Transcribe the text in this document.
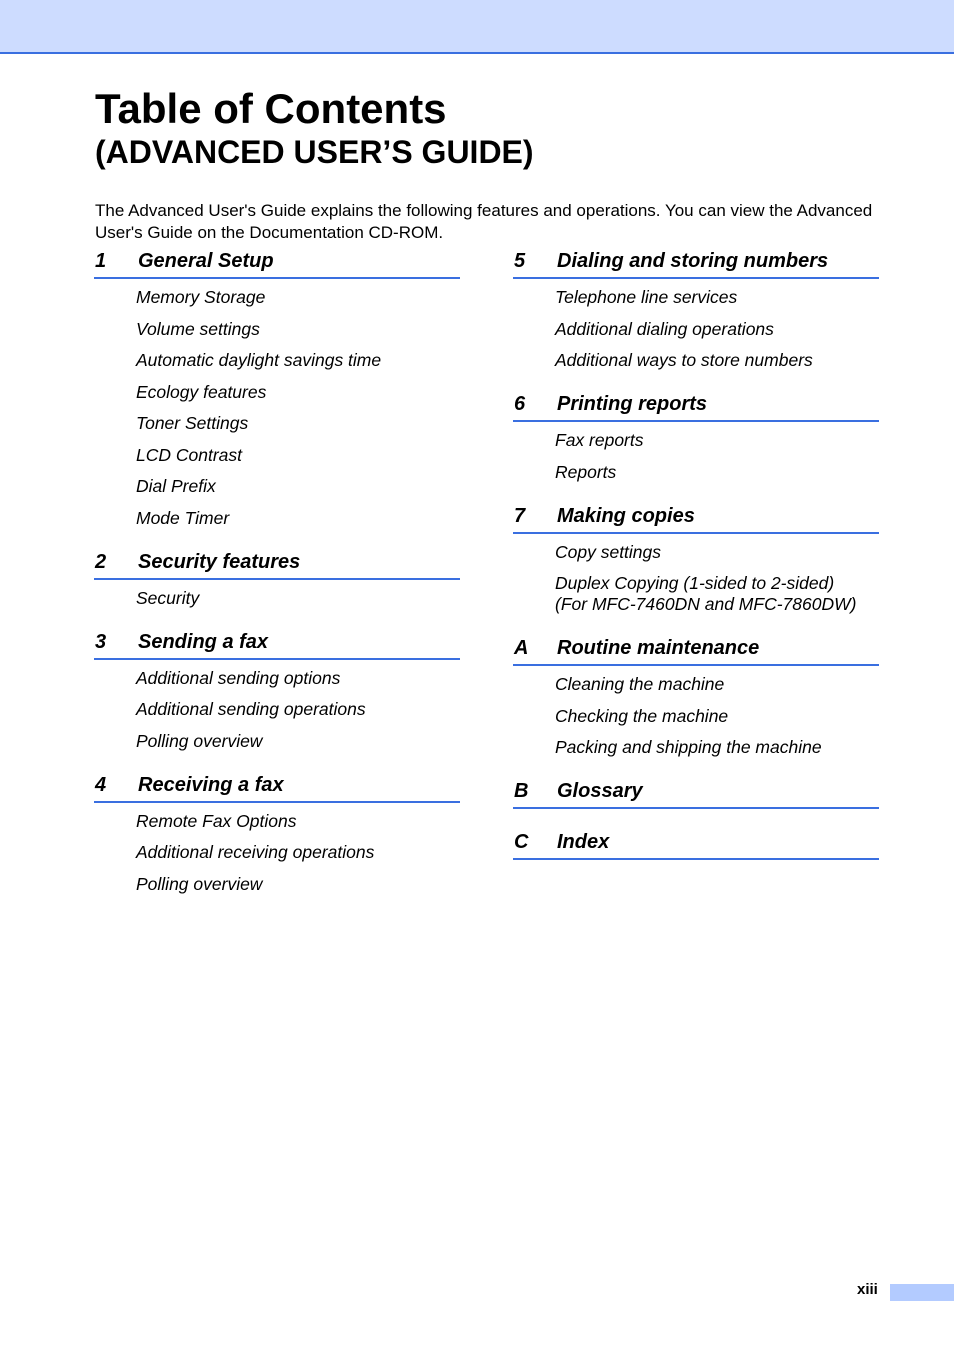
Table of Contents
(ADVANCED USER’S GUIDE)

The Advanced User's Guide explains the following features and operations. You can view the Advanced User's Guide on the Documentation CD-ROM.

1	General Setup
Memory Storage
Volume settings
Automatic daylight savings time
Ecology features
Toner Settings
LCD Contrast
Dial Prefix
Mode Timer
2	Security features
Security
3	Sending a fax
Additional sending options
Additional sending operations
Polling overview
4	Receiving a fax
Remote Fax Options
Additional receiving operations
Polling overview
5	Dialing and storing numbers
Telephone line services
Additional dialing operations
Additional ways to store numbers
6	Printing reports
Fax reports
Reports
7	Making copies
Copy settings
Duplex Copying (1-sided to 2-sided)
(For MFC-7460DN and MFC-7860DW)
A	Routine maintenance
Cleaning the machine
Checking the machine
Packing and shipping the machine
B	Glossary
C	Index
xiii
